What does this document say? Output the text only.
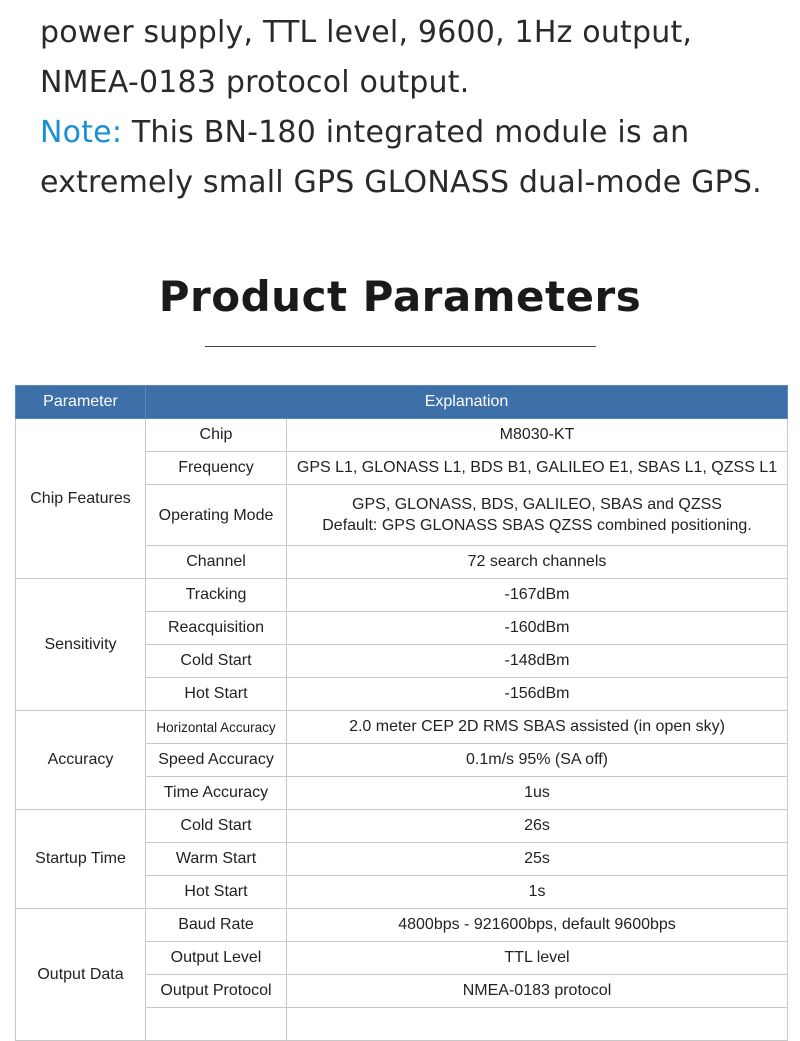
power supply, TTL level, 9600, 1Hz output,
NMEA-0183 protocol output.
Note: This BN-180 integrated module is an
extremely small GPS GLONASS dual-mode GPS.
Product Parameters
Parameter	Explanation	
Chip Features	Chip	M8030-KT
	Frequency	GPS L1, GLONASS L1, BDS B1, GALILEO E1, SBAS L1, QZSS L1
	Operating Mode	GPS, GLONASS, BDS, GALILEO, SBAS and QZSS
Default: GPS GLONASS SBAS QZSS combined positioning.
	Channel	72 search channels
Sensitivity	Tracking	-167dBm
	Reacquisition	-160dBm
	Cold Start	-148dBm
	Hot Start	-156dBm
Accuracy	Horizontal Accuracy	2.0 meter CEP 2D RMS SBAS assisted (in open sky)
	Speed Accuracy	0.1m/s 95% (SA off)
	Time Accuracy	1us
Startup Time	Cold Start	26s
	Warm Start	25s
	Hot Start	1s
Output Data	Baud Rate	4800bps - 921600bps, default 9600bps
	Output Level	TTL level
	Output Protocol	NMEA-0183 protocol
